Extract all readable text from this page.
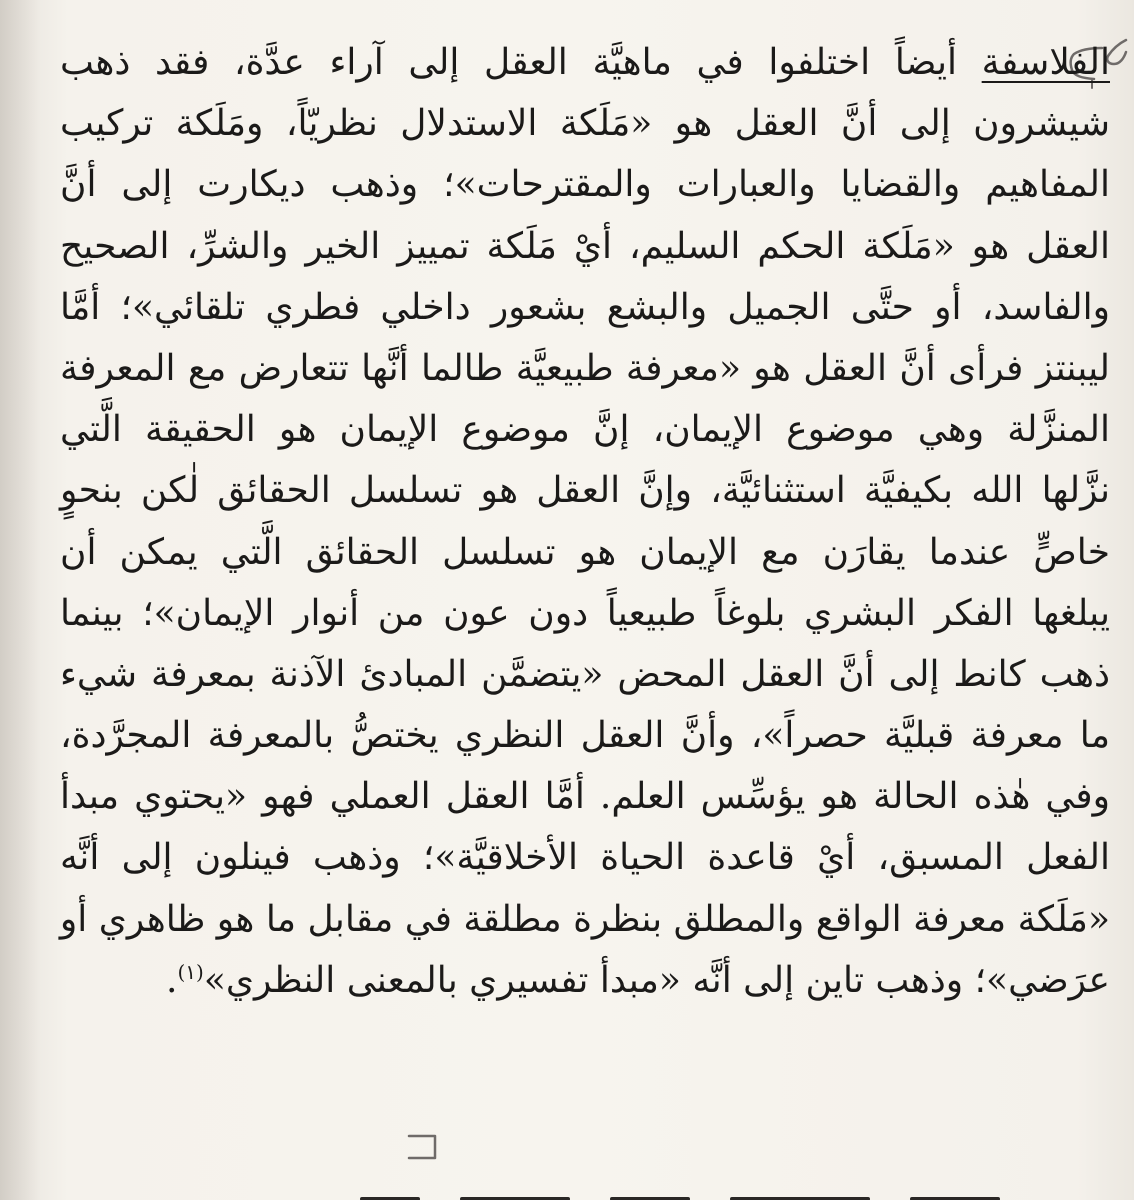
الفلاسفة أيضاً اختلفوا في ماهيَّة العقل إلى آراء عدَّة، فقد ذهب
شيشرون إلى أنَّ العقل هو «مَلَكة الاستدلال نظريّاً، ومَلَكة تركيب
المفاهيم والقضايا والعبارات والمقترحات»؛ وذهب ديكارت إلى أنَّ
العقل هو «مَلَكة الحكم السليم، أيْ مَلَكة تمييز الخير والشرِّ، الصحيح
والفاسد، أو حتَّى الجميل والبشع بشعور داخلي فطري تلقائي»؛ أمَّا
ليبنتز فرأى أنَّ العقل هو «معرفة طبيعيَّة طالما أنَّها تتعارض مع المعرفة
المنزَّلة وهي موضوع الإيمان، إنَّ موضوع الإيمان هو الحقيقة الَّتي
نزَّلها الله بكيفيَّة استثنائيَّة، وإنَّ العقل هو تسلسل الحقائق لٰكن بنحوٍ
خاصٍّ عندما يقارَن مع الإيمان هو تسلسل الحقائق الَّتي يمكن أن
يبلغها الفكر البشري بلوغاً طبيعياً دون عون من أنوار الإيمان»؛ بينما
ذهب كانط إلى أنَّ العقل المحض «يتضمَّن المبادئ الآذنة بمعرفة شيء
ما معرفة قبليَّة حصراً»، وأنَّ العقل النظري يختصُّ بالمعرفة المجرَّدة،
وفي هٰذه الحالة هو يؤسِّس العلم. أمَّا العقل العملي فهو «يحتوي مبدأ
الفعل المسبق، أيْ قاعدة الحياة الأخلاقيَّة»؛ وذهب فينلون إلى أنَّه
«مَلَكة معرفة الواقع والمطلق بنظرة مطلقة في مقابل ما هو ظاهري أو
عرَضي»؛ وذهب تاين إلى أنَّه «مبدأ تفسيري بالمعنى النظري»$^{(١)}$.
